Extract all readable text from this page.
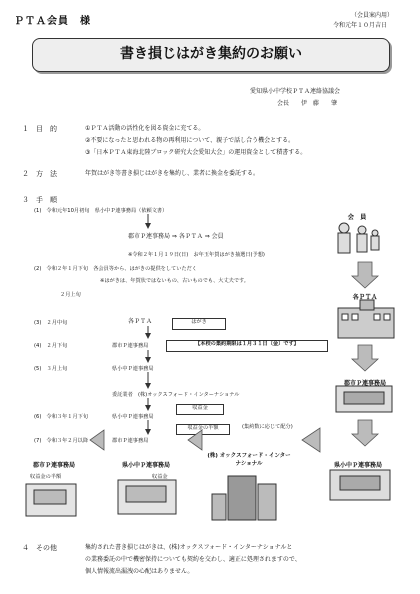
ＰＴＡ会員　様
（会員案内用）
令和元年１０月吉日
書き損じはがき集約のお願い
愛知県小中学校ＰＴＡ連絡協議会
会長　　伊　藤　　肇
１　目　的	①ＰＴＡ活動の活性化を図る資金に充てる。
②不要になったと思われる物の再利用について、親子で話し合う機会とする。
③「日本ＰＴＡ東海北陸ブロック研究大会愛知大会」の運用資金として積書する。
２　方　法	年賀はがき等書き損じはがきを集約し、業者に換金を委託する。
３　手　順
(1)　令和元年10月初旬　県小中Ｐ連事務局（依頼文書）
郡市Ｐ連事務局 ⇒ 各ＰＴＡ ⇒ 会員
※令和２年１月１９日(日)　お年玉年賀はがき抽選日(予想)
(2)　令和２年１月下旬　各会員等から、はがきの提供をしていただく
※はがきは、年賀状ではないもの、古いものでも、大丈夫です。
２月上旬
(3)　２月中旬	各ＰＴＡ	はがき
(4)　２月下旬	郡市Ｐ連事務局	【本校の集約期限は１月３１日（金）です】
(5)　３月上旬	県小中Ｐ連事務局
委託業者　(株)オックスフォード・インターナショナル
収益金
(6)　令和３年１月下旬	県小中Ｐ連事務局
収益金の半額	(集約数に応じて配分)
(7)　令和３年２月以降	郡市Ｐ連事務局
会　員
各ＰＴＡ
郡市Ｐ連事務局
(株) オックスフォード・インターナショナル	県小中Ｐ連事務局
郡市Ｐ連事務局	県小中Ｐ連事務局
収益金の半額	収益金
４　その他	集約された書き損じはがきは、(株)オックスフォード・インターナショナルと
の業務委託の中で機密保持についても契約を交わし、適正に処理されますので、
個人情報流出漏洩の心配はありません。
